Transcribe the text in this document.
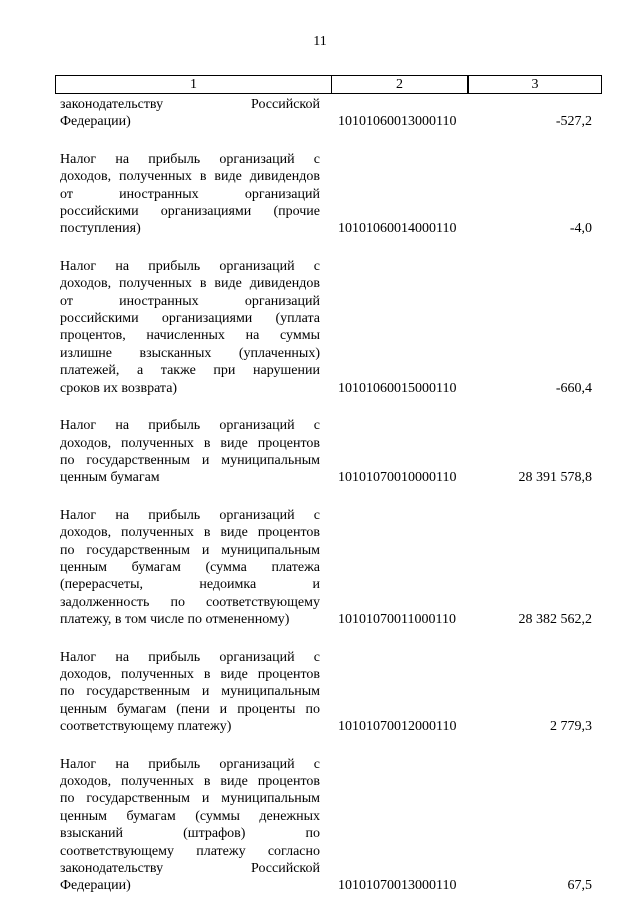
11
1	2	3
законодательству Российской
Федерации)	10101060013000110	-527,2
Налог на прибыль организаций с
доходов, полученных в виде дивидендов
от иностранных организаций
российскими организациями (прочие
поступления)	10101060014000110	-4,0
Налог на прибыль организаций с
доходов, полученных в виде дивидендов
от иностранных организаций
российскими организациями (уплата
процентов, начисленных на суммы
излишне взысканных (уплаченных)
платежей, а также при нарушении
сроков их возврата)	10101060015000110	-660,4
Налог на прибыль организаций с
доходов, полученных в виде процентов
по государственным и муниципальным
ценным бумагам	10101070010000110	28 391 578,8
Налог на прибыль организаций с
доходов, полученных в виде процентов
по государственным и муниципальным
ценным бумагам (сумма платежа
(перерасчеты, недоимка и
задолженность по соответствующему
платежу, в том числе по отмененному)	10101070011000110	28 382 562,2
Налог на прибыль организаций с
доходов, полученных в виде процентов
по государственным и муниципальным
ценным бумагам (пени и проценты по
соответствующему платежу)	10101070012000110	2 779,3
Налог на прибыль организаций с
доходов, полученных в виде процентов
по государственным и муниципальным
ценным бумагам (суммы денежных
взысканий (штрафов) по
соответствующему платежу согласно
законодательству Российской
Федерации)	10101070013000110	67,5
